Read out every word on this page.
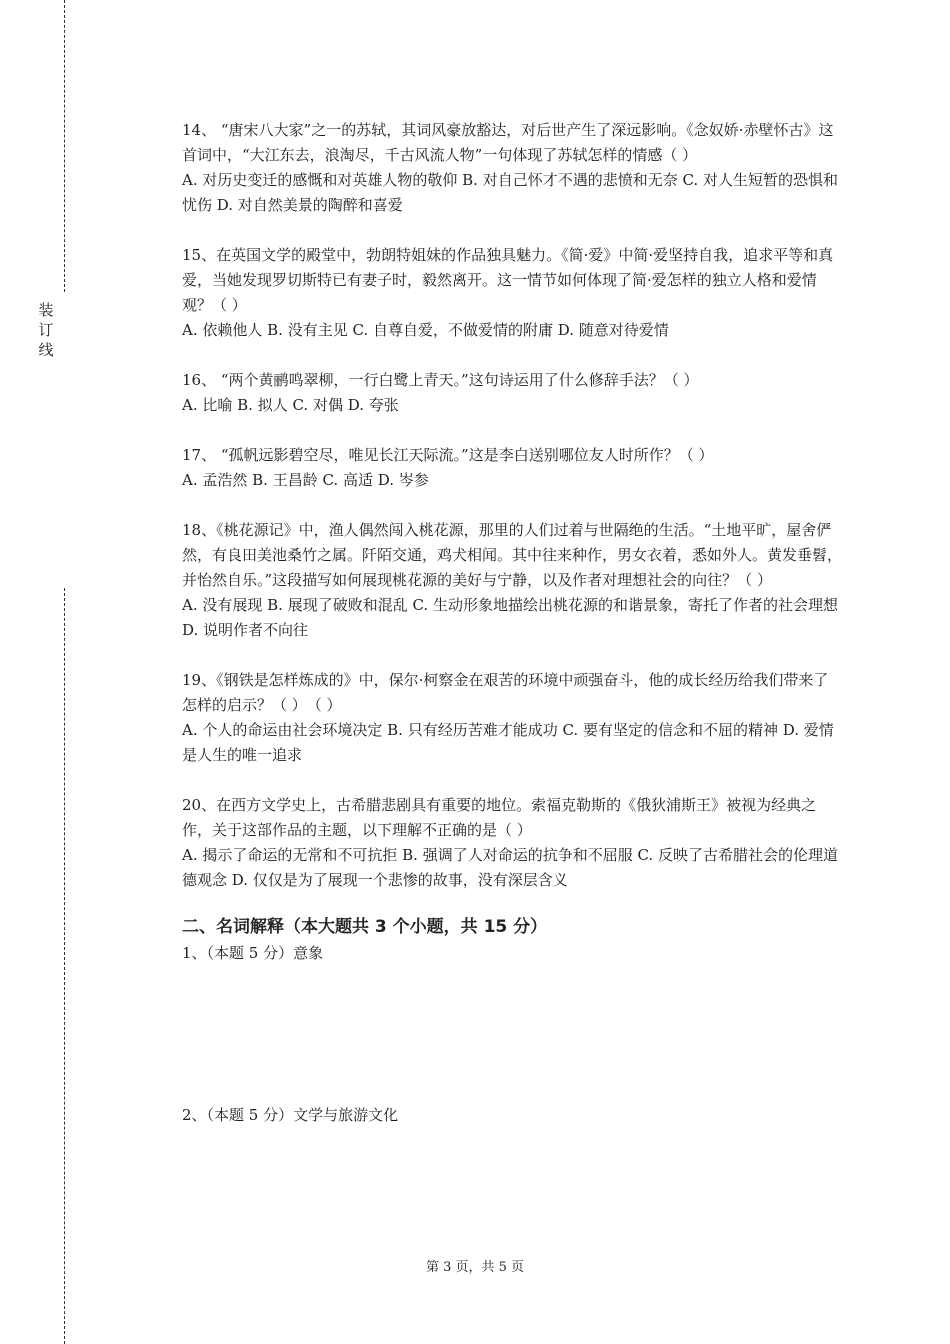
装
订
线

14、 “唐宋八大家”之一的苏轼，其词风豪放豁达，对后世产生了深远影响。《念奴娇·赤壁怀古》这首词中，“大江东去，浪淘尽，千古风流人物”一句体现了苏轼怎样的情感（ ）

A. 对历史变迁的感慨和对英雄人物的敬仰 B. 对自己怀才不遇的悲愤和无奈 C. 对人生短暂的恐惧和忧伤 D. 对自然美景的陶醉和喜爱

15、在英国文学的殿堂中，勃朗特姐妹的作品独具魅力。《简·爱》中简·爱坚持自我，追求平等和真爱，当她发现罗切斯特已有妻子时，毅然离开。这一情节如何体现了简·爱怎样的独立人格和爱情观？（ ）

A. 依赖他人 B. 没有主见 C. 自尊自爱，不做爱情的附庸 D. 随意对待爱情

16、 “两个黄鹂鸣翠柳，一行白鹭上青天。”这句诗运用了什么修辞手法？（ ）

A. 比喻 B. 拟人 C. 对偶 D. 夸张

17、 “孤帆远影碧空尽，唯见长江天际流。”这是李白送别哪位友人时所作？（ ）

A. 孟浩然 B. 王昌龄 C. 高适 D. 岑参

18、《桃花源记》中，渔人偶然闯入桃花源，那里的人们过着与世隔绝的生活。“土地平旷，屋舍俨然，有良田美池桑竹之属。阡陌交通，鸡犬相闻。其中往来种作，男女衣着，悉如外人。黄发垂髫，并怡然自乐。”这段描写如何展现桃花源的美好与宁静，以及作者对理想社会的向往？（ ）

A. 没有展现 B. 展现了破败和混乱 C. 生动形象地描绘出桃花源的和谐景象，寄托了作者的社会理想 D. 说明作者不向往

19、《钢铁是怎样炼成的》中，保尔·柯察金在艰苦的环境中顽强奋斗，他的成长经历给我们带来了怎样的启示？（ ）　（ ）

A. 个人的命运由社会环境决定 B. 只有经历苦难才能成功 C. 要有坚定的信念和不屈的精神 D. 爱情是人生的唯一追求

20、在西方文学史上，古希腊悲剧具有重要的地位。索福克勒斯的《俄狄浦斯王》被视为经典之作，关于这部作品的主题，以下理解不正确的是（ ）

A. 揭示了命运的无常和不可抗拒 B. 强调了人对命运的抗争和不屈服 C. 反映了古希腊社会的伦理道德观念 D. 仅仅是为了展现一个悲惨的故事，没有深层含义

二、名词解释（本大题共 3 个小题，共 15 分）
1、（本题 5 分）意象
2、（本题 5 分）文学与旅游文化
第 3 页，共 5 页
